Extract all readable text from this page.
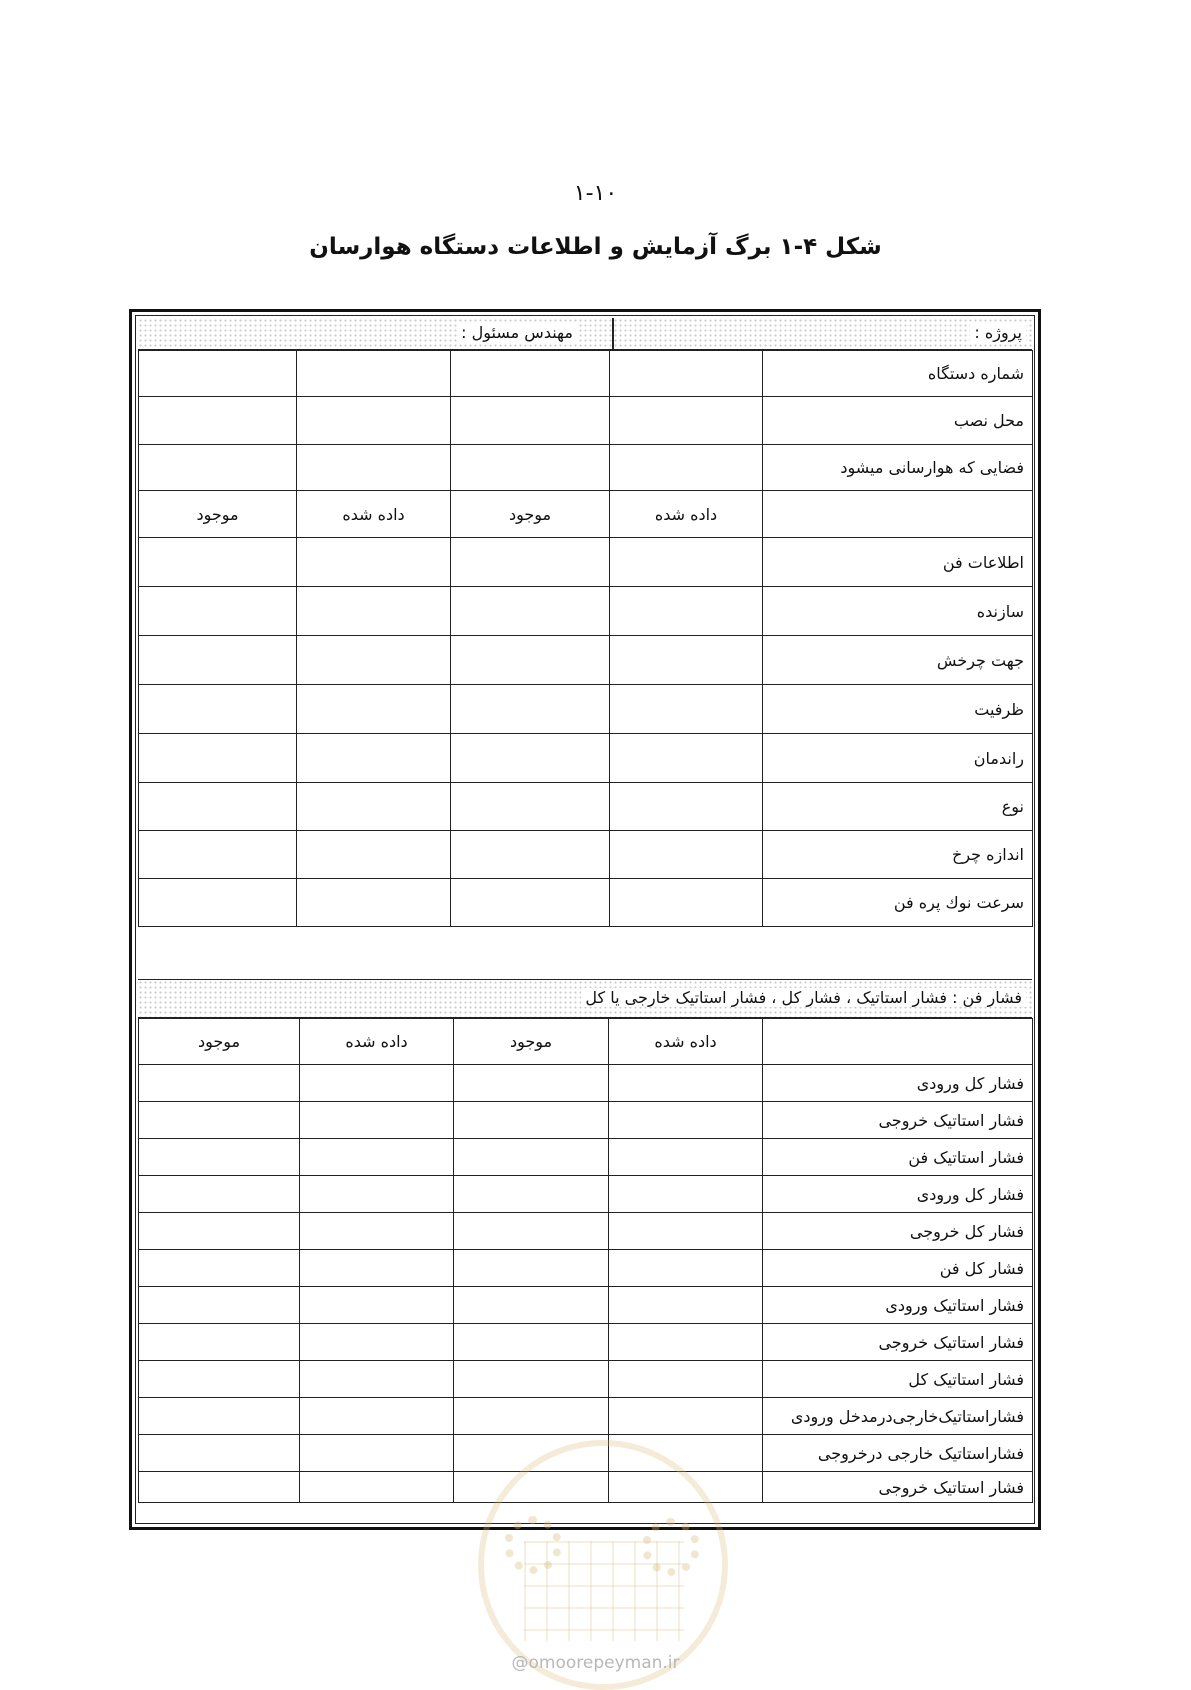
۱-۱۰
شکل ۴-۱ برگ آزمایش و اطلاعات دستگاه هوارسان
پروژه :
مهندس مسئول :
شماره دستگاه				
محل نصب				
فضایی که هوارسانی میشود				
	داده شده	موجود	داده شده	موجود
اطلاعات فن				
سازنده				
جهت چرخش				
ظرفیت				
راندمان				
نوع				
اندازه چرخ				
سرعت نوك پره فن				
فشار فن : فشار استاتیک ، فشار کل ، فشار استاتیک خارجی یا کل
	داده شده	موجود	داده شده	موجود
فشار کل ورودی				
فشار استاتیک خروجی				
فشار استاتیک فن				
فشار کل ورودی				
فشار کل خروجی				
فشار کل فن				
فشار استاتیک ورودی				
فشار استاتیک خروجی				
فشار استاتیک کل				
فشاراستاتیک‌خارجی‌درمدخل ورودی				
فشاراستاتیک خارجی درخروجی				
فشار استاتیک خروجی				
@omoorepeyman.ir
